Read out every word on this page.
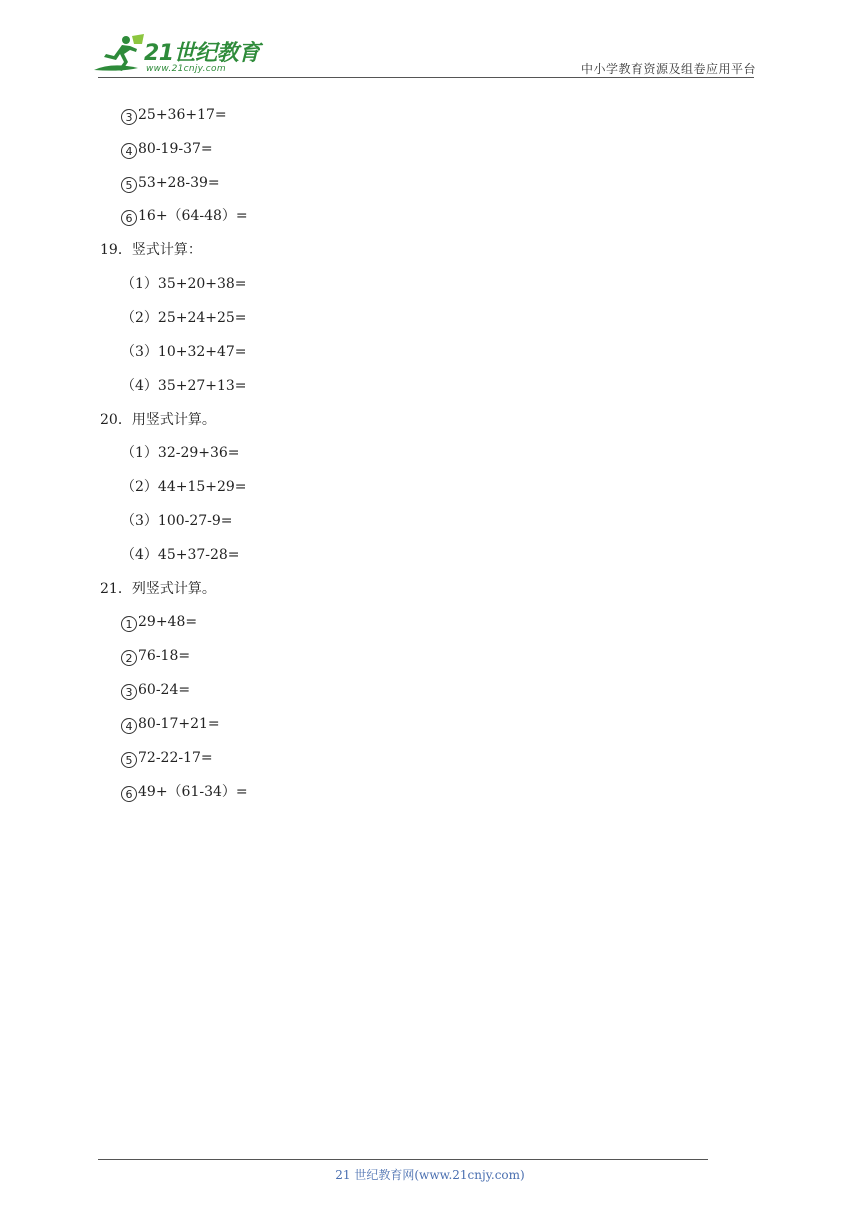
21世纪教育
www.21cnjy.com	中小学教育资源及组卷应用平台
3 25+36+17=
4 80-19-37=
5 53+28-39=
6 16+（64-48）=
19．竖式计算：
（1）35+20+38=
（2）25+24+25=
（3）10+32+47=
（4）35+27+13=
20．用竖式计算。
（1）32-29+36=
（2）44+15+29=
（3）100-27-9=
（4）45+37-28=
21．列竖式计算。
1 29+48=
2 76-18=
3 60-24=
4 80-17+21=
5 72-22-17=
6 49+（61-34）=
21 世纪教育网(www.21cnjy.com)
